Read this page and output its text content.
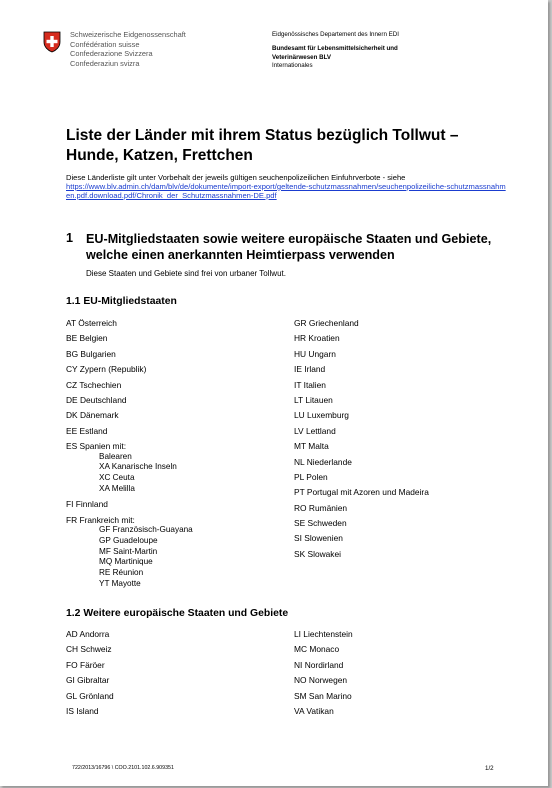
Schweizerische Eidgenossenschaft
Confédération suisse
Confederazione Svizzera
Confederaziun svizra
Eidgenössisches Departement des Innern EDI
Bundesamt für Lebensmittelsicherheit und
Veterinärwesen BLV
Internationales
Liste der Länder mit ihrem Status bezüglich Tollwut – Hunde, Katzen, Frettchen
Diese Länderliste gilt unter Vorbehalt der jeweils gültigen seuchenpolizeilichen Einfuhrverbote - siehe
https://www.blv.admin.ch/dam/blv/de/dokumente/import-export/geltende-schutzmassnahmen/seuchenpolizeiliche-schutzmassnahmen.pdf.download.pdf/Chronik_der_Schutzmassnahmen-DE.pdf
1 EU-Mitgliedstaaten sowie weitere europäische Staaten und Gebiete, welche einen anerkannten Heimtierpass verwenden
Diese Staaten und Gebiete sind frei von urbaner Tollwut.
1.1 EU-Mitgliedstaaten
AT Österreich
BE Belgien
BG Bulgarien
CY Zypern (Republik)
CZ Tschechien
DE Deutschland
DK Dänemark
EE Estland
ES Spanien mit:
Balearen
XA Kanarische Inseln
XC Ceuta
XA Melilla
FI Finnland
FR Frankreich mit:
GF Französisch-Guayana
GP Guadeloupe
MF Saint-Martin
MQ Martinique
RE Réunion
YT Mayotte
GR Griechenland
HR Kroatien
HU Ungarn
IE Irland
IT Italien
LT Litauen
LU Luxemburg
LV Lettland
MT Malta
NL Niederlande
PL Polen
PT Portugal mit Azoren und Madeira
RO Rumänien
SE Schweden
SI Slowenien
SK Slowakei
1.2 Weitere europäische Staaten und Gebiete
AD Andorra
CH Schweiz
FO Färöer
GI Gibraltar
GL Grönland
IS Island
LI Liechtenstein
MC Monaco
NI Nordirland
NO Norwegen
SM San Marino
VA Vatikan
722/2013/16796 \ COO.2101.102.6.909351	1/2
